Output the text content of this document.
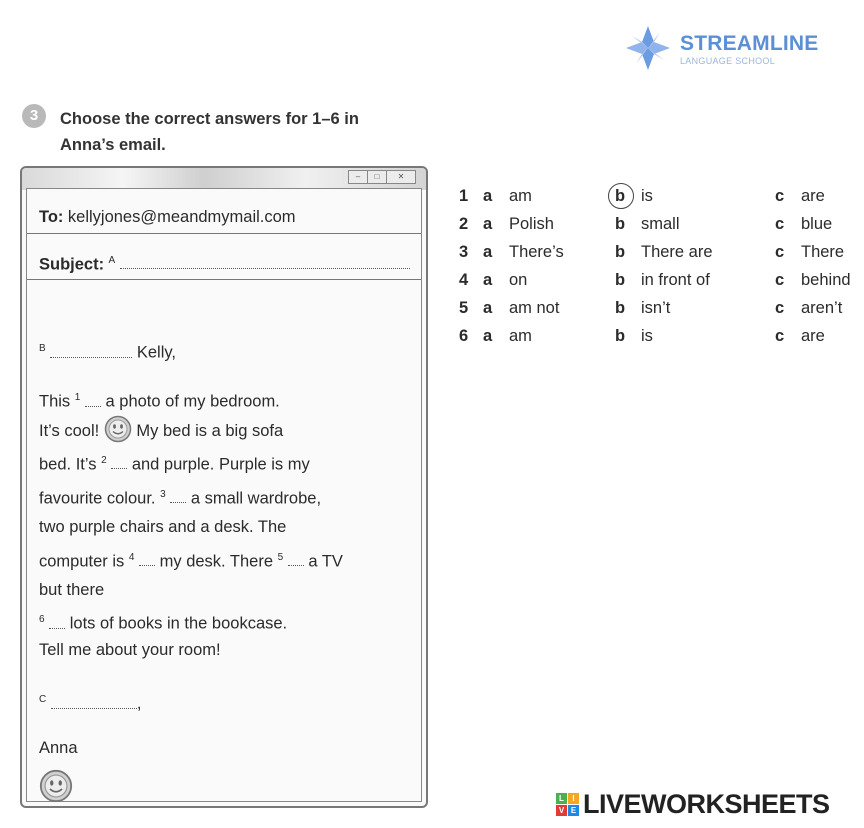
STREAMLINE
LANGUAGE SCHOOL
3	Choose the correct answers for 1–6 in
Anna’s email.
–	□	✕
To: kellyjones@meandmymail.com
Subject: $^A$
$^B$	Kelly,
This $^1$  a photo of my bedroom.
It’s cool!  My bed is a big sofa
bed. It’s $^2$  and purple. Purple is my
favourite colour. $^3$  a small wardrobe,
two purple chairs and a desk. The
computer is $^4$  my desk. There $^5$  a TV
but there
$^6$  lots of books in the bookcase.
Tell me about your room!
$^C$	,
Anna
1 a am	b is	c are
2 a Polish	b small	c blue
3 a There’s	b There are	c There
4 a on	b in front of	c behind
5 a am not	b isn’t	c aren’t
6 a am	b is	c are
L	I
V E LIVEWORKSHEETS
